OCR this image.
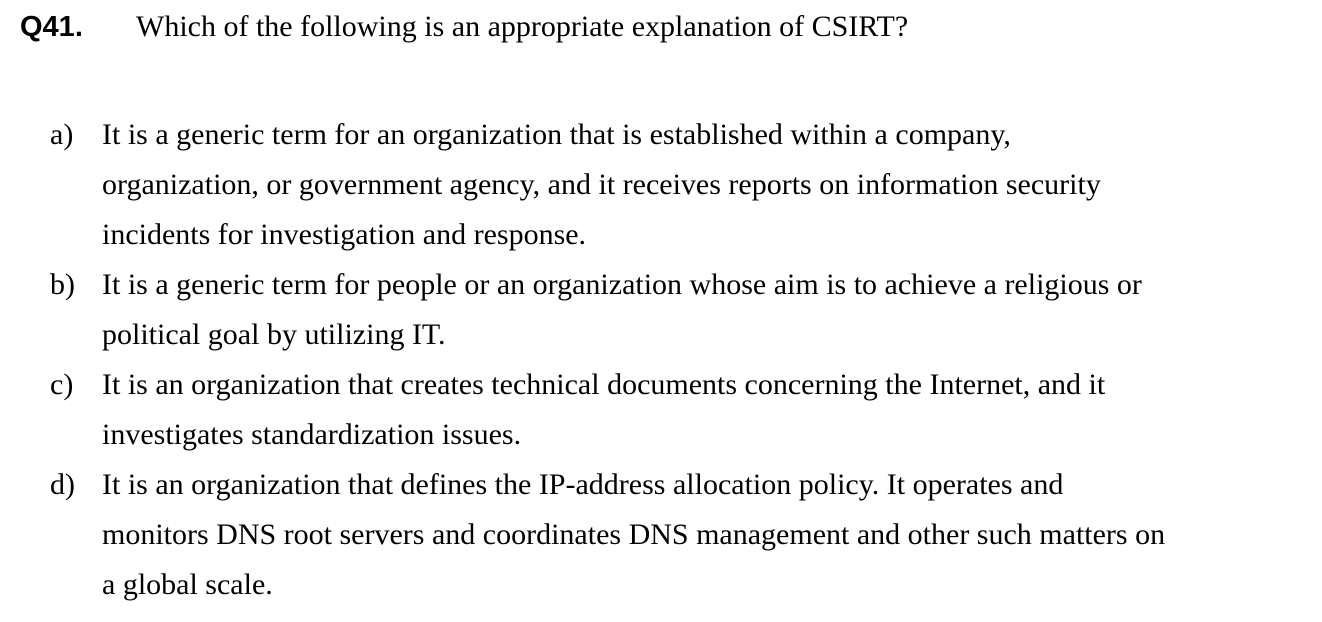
Q41.	Which of the following is an appropriate explanation of CSIRT?
a) It is a generic term for an organization that is established within a company,
organization, or government agency, and it receives reports on information security
incidents for investigation and response.
b) It is a generic term for people or an organization whose aim is to achieve a religious or
political goal by utilizing IT.
c) It is an organization that creates technical documents concerning the Internet, and it
investigates standardization issues.
d) It is an organization that defines the IP-address allocation policy. It operates and
monitors DNS root servers and coordinates DNS management and other such matters on
a global scale.
